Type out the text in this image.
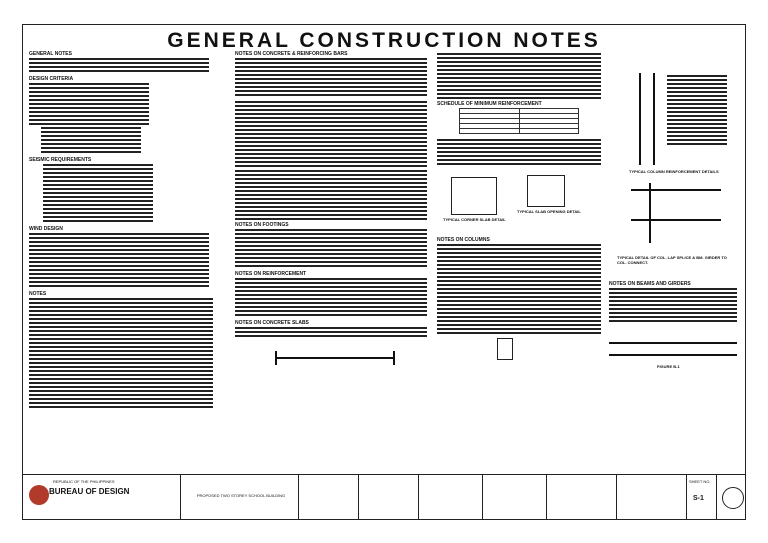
GENERAL CONSTRUCTION NOTES
GENERAL NOTES
DESIGN CRITERIA
SEISMIC REQUIREMENTS
WIND DESIGN
NOTES
NOTES ON CONCRETE & REINFORCING BARS
NOTES ON FOOTINGS
NOTES ON REINFORCEMENT
NOTES ON CONCRETE SLABS
SCHEDULE OF MINIMUM REINFORCEMENT

TYPICAL CORNER SLAB DETAIL
TYPICAL SLAB OPENING DETAIL
NOTES ON COLUMNS
TYPICAL COLUMN REINFORCEMENT DETAILS
TYPICAL DETAIL OF COL. LAP SPLICE & BM. GIRDER TO COL. CONNECT.
NOTES ON BEAMS AND GIRDERS
FIGURE B-1
REPUBLIC OF THE PHILIPPINES
BUREAU OF DESIGN	PROPOSED TWO STOREY SCHOOL BUILDING
SHEET NO.
S-1
